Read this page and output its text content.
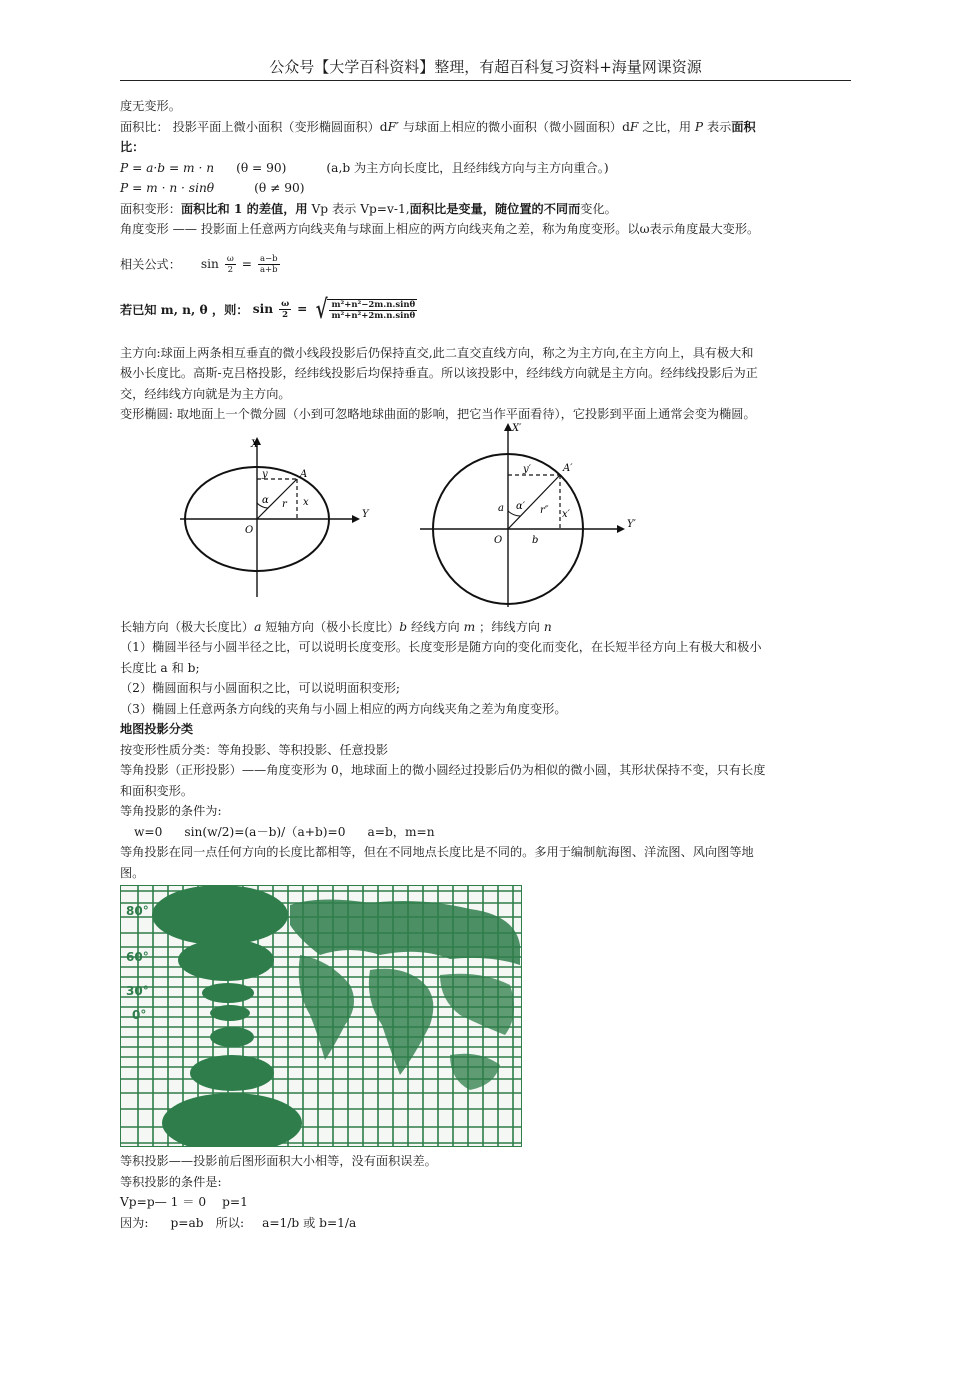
公众号【大学百科资料】整理，有超百科复习资料+海量网课资源

度无变形。

面积比： 投影平面上微小面积（变形椭圆面积）dF′ 与球面上相应的微小面积（微小圆面积）dF 之比，用 P 表示面积

比：

P = a·b = m · n (θ = 90)	(a,b 为主方向长度比，且经纬线方向与主方向重合。)

P = m · n · sinθ	(θ ≠ 90)

面积变形：面积比和 1 的差值，用 Vp 表示 Vp=v-1,面积比是变量，随位置的不同而变化。

角度变形 —— 投影面上任意两方向线夹角与球面上相应的两方向线夹角之差，称为角度变形。以ω表示角度最大变形。

相关公式： $\sin \frac{\omega}{2} = \frac{a-b}{a+b}$

若已知 m, n, θ ，则： $\sin \frac{\omega}{2}$ = √ $\frac{\text{m²+n²−2m.n.sinθ}}{\text{m²+n²+2m.n.sinθ}}$

主方向:球面上两条相互垂直的微小线段投影后仍保持直交,此二直交直线方向，称之为主方向,在主方向上，具有极大和

极小长度比。高斯-克吕格投影，经纬线投影后均保持垂直。所以该投影中，经纬线方向就是主方向。经纬线投影后为正

交，经纬线方向就是为主方向。

变形椭圆: 取地面上一个微分圆（小到可忽略地球曲面的影响，把它当作平面看待），它投影到平面上通常会变为椭圆。

X
Y
O
A
α r x
y
X′
Y′
O
A′
α′ r″ x′
y′
a
b

长轴方向（极大长度比）a 短轴方向（极小长度比）b 经线方向 m ；纬线方向 n

（1）椭圆半径与小圆半径之比，可以说明长度变形。长度变形是随方向的变化而变化，在长短半径方向上有极大和极小

长度比 a 和 b;

（2）椭圆面积与小圆面积之比，可以说明面积变形;

（3）椭圆上任意两条方向线的夹角与小圆上相应的两方向线夹角之差为角度变形。

地图投影分类

按变形性质分类：等角投影、等积投影、任意投影

等角投影（正形投影）——角度变形为 0，地球面上的微小圆经过投影后仍为相似的微小圆，其形状保持不变，只有长度

和面积变形。

等角投影的条件为:

w=0 sin(w/2)=(a－b)/（a+b)=0 a=b，m=n

等角投影在同一点任何方向的长度比都相等，但在不同地点长度比是不同的。多用于编制航海图、洋流图、风向图等地

图。

80°
60°
30°
0°

等积投影——投影前后图形面积大小相等，没有面积误差。

等积投影的条件是:

Vp=p— 1 ＝ 0 p=1

因为: p=ab 所以: a=1/b 或 b=1/a
